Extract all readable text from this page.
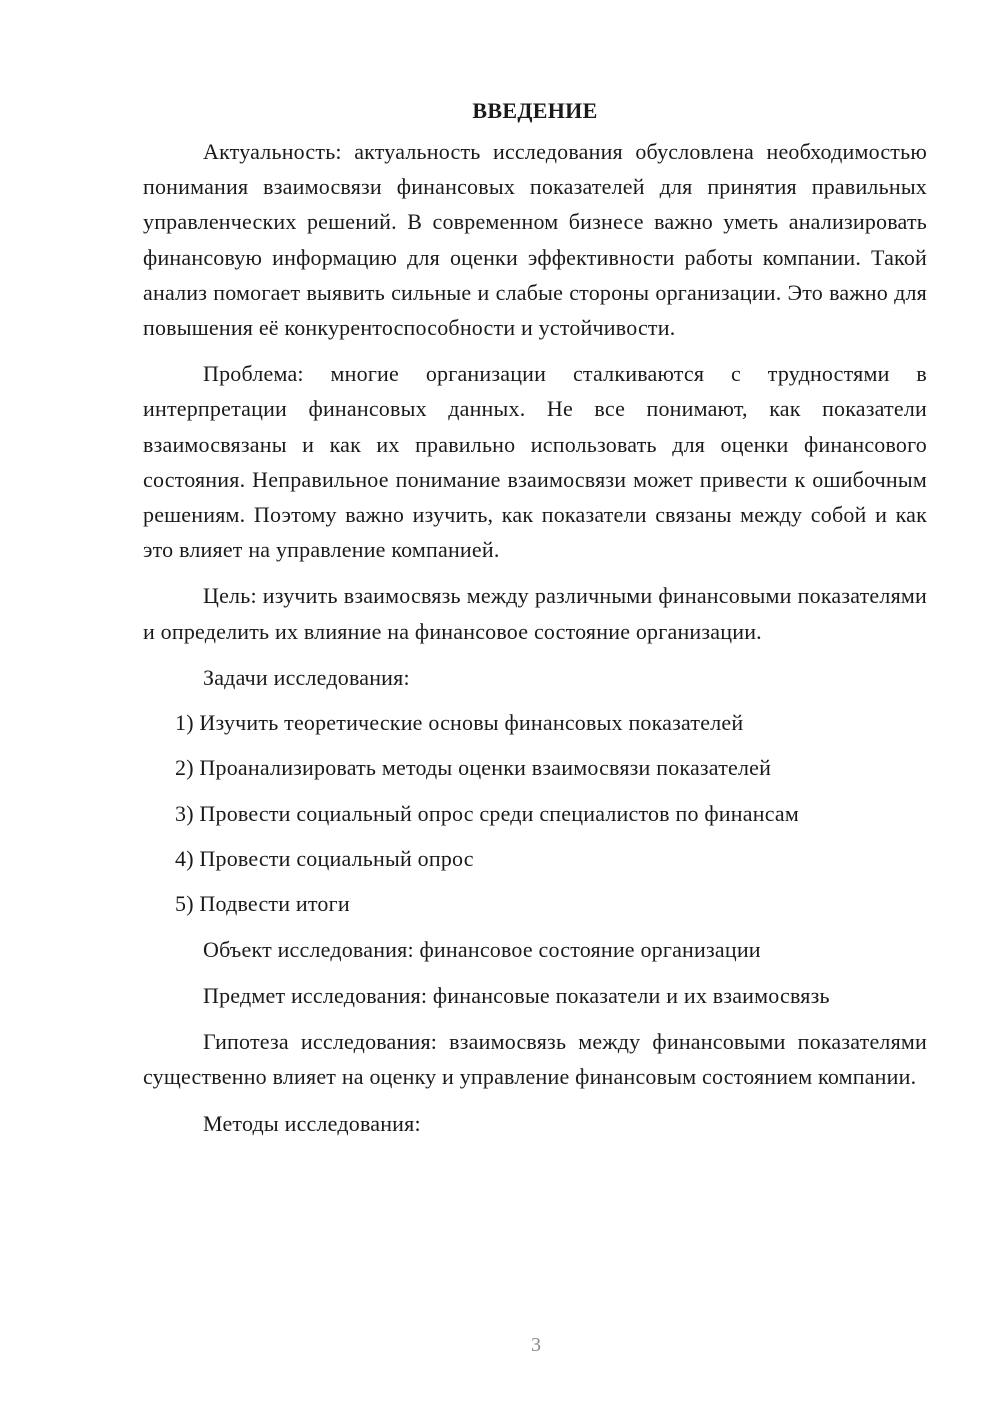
ВВЕДЕНИЕ

Актуальность: актуальность исследования обусловлена необходимостью понимания взаимосвязи финансовых показателей для принятия правильных управленческих решений. В современном бизнесе важно уметь анализировать финансовую информацию для оценки эффективности работы компании. Такой анализ помогает выявить сильные и слабые стороны организации. Это важно для повышения её конкурентоспособности и устойчивости.

Проблема: многие организации сталкиваются с трудностями в интерпретации финансовых данных. Не все понимают, как показатели взаимосвязаны и как их правильно использовать для оценки финансового состояния. Неправильное понимание взаимосвязи может привести к ошибочным решениям. Поэтому важно изучить, как показатели связаны между собой и как это влияет на управление компанией.

Цель: изучить взаимосвязь между различными финансовыми показателями и определить их влияние на финансовое состояние организации.

Задачи исследования:

1) Изучить теоретические основы финансовых показателей
2) Проанализировать методы оценки взаимосвязи показателей
3) Провести социальный опрос среди специалистов по финансам
4) Провести социальный опрос
5) Подвести итоги

Объект исследования: финансовое состояние организации

Предмет исследования: финансовые показатели и их взаимосвязь

Гипотеза исследования: взаимосвязь между финансовыми показателями существенно влияет на оценку и управление финансовым состоянием компании.

Методы исследования:

3
